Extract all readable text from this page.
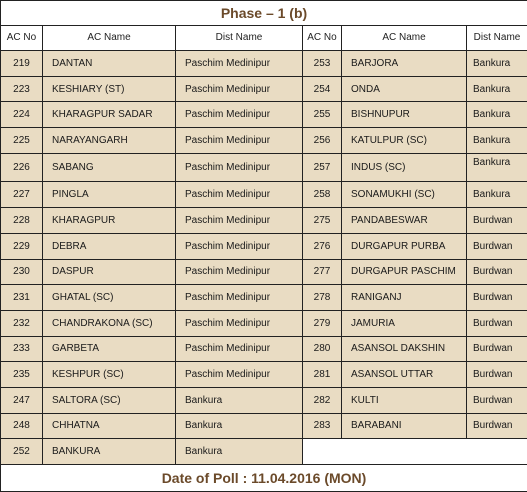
Phase – 1 (b)					
AC No	AC Name	Dist Name	AC No	AC Name	Dist Name
219	DANTAN	Paschim Medinipur	253	BARJORA	Bankura
223	KESHIARY (ST)	Paschim Medinipur	254	ONDA	Bankura
224	KHARAGPUR SADAR	Paschim Medinipur	255	BISHNUPUR	Bankura
225	NARAYANGARH	Paschim Medinipur	256	KATULPUR (SC)	Bankura
226	SABANG	Paschim Medinipur	257	INDUS (SC)	Bankura
227	PINGLA	Paschim Medinipur	258	SONAMUKHI (SC)	Bankura
228	KHARAGPUR	Paschim Medinipur	275	PANDABESWAR	Burdwan
229	DEBRA	Paschim Medinipur	276	DURGAPUR PURBA	Burdwan
230	DASPUR	Paschim Medinipur	277	DURGAPUR PASCHIM	Burdwan
231	GHATAL (SC)	Paschim Medinipur	278	RANIGANJ	Burdwan
232	CHANDRAKONA (SC)	Paschim Medinipur	279	JAMURIA	Burdwan
233	GARBETA	Paschim Medinipur	280	ASANSOL DAKSHIN	Burdwan
235	KESHPUR (SC)	Paschim Medinipur	281	ASANSOL UTTAR	Burdwan
247	SALTORA (SC)	Bankura	282	KULTI	Burdwan
248	CHHATNA	Bankura	283	BARABANI	Burdwan
252	BANKURA	Bankura			
Date of Poll : 11.04.2016 (MON)					
